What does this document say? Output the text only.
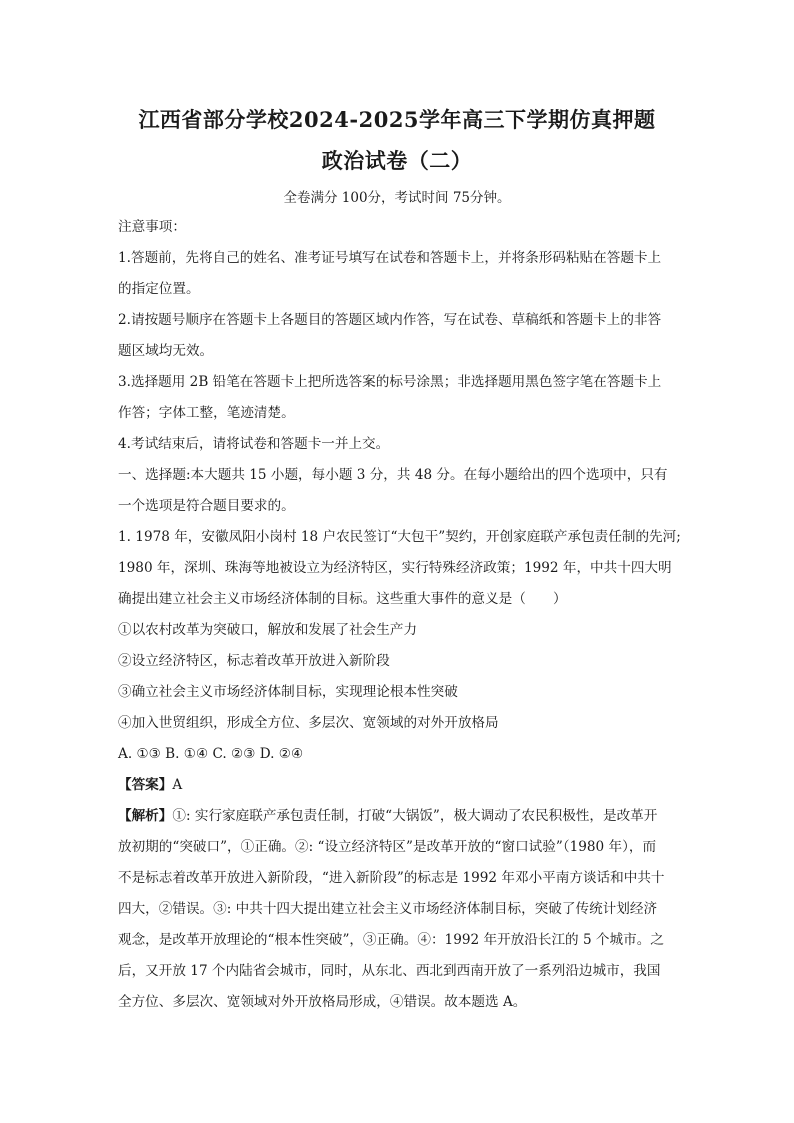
江西省部分学校2024-2025学年高三下学期仿真押题
政治试卷（二）
全卷满分 100分，考试时间 75分钟。
注意事项：
1.答题前，先将自己的姓名、准考证号填写在试卷和答题卡上，并将条形码粘贴在答题卡上
的指定位置。
2.请按题号顺序在答题卡上各题目的答题区域内作答，写在试卷、草稿纸和答题卡上的非答
题区域均无效。
3.选择题用 2B 铅笔在答题卡上把所选答案的标号涂黑；非选择题用黑色签字笔在答题卡上
作答；字体工整，笔迹清楚。
4.考试结束后，请将试卷和答题卡一并上交。
一、选择题:本大题共 15 小题，每小题 3 分，共 48 分。在每小题给出的四个选项中，只有
一个选项是符合题目要求的。
1. 1978 年，安徽凤阳小岗村 18 户农民签订“大包干”契约，开创家庭联产承包责任制的先河;
1980 年，深圳、珠海等地被设立为经济特区，实行特殊经济政策；1992 年，中共十四大明
确提出建立社会主义市场经济体制的目标。这些重大事件的意义是（　　）
①以农村改革为突破口，解放和发展了社会生产力
②设立经济特区，标志着改革开放进入新阶段
③确立社会主义市场经济体制目标，实现理论根本性突破
④加入世贸组织，形成全方位、多层次、宽领域的对外开放格局
A. ①③ B. ①④ C. ②③ D. ②④
【答案】A
【解析】①: 实行家庭联产承包责任制，打破“大锅饭”，极大调动了农民积极性，是改革开
放初期的“突破口”，①正确。②: “设立经济特区”是改革开放的“窗口试验”（1980 年），而
不是标志着改革开放进入新阶段，“进入新阶段”的标志是 1992 年邓小平南方谈话和中共十
四大，②错误。③: 中共十四大提出建立社会主义市场经济体制目标，突破了传统计划经济
观念，是改革开放理论的“根本性突破”，③正确。④：1992 年开放沿长江的 5 个城市。之
后，又开放 17 个内陆省会城市，同时，从东北、西北到西南开放了一系列沿边城市，我国
全方位、多层次、宽领域对外开放格局形成，④错误。故本题选 A。
